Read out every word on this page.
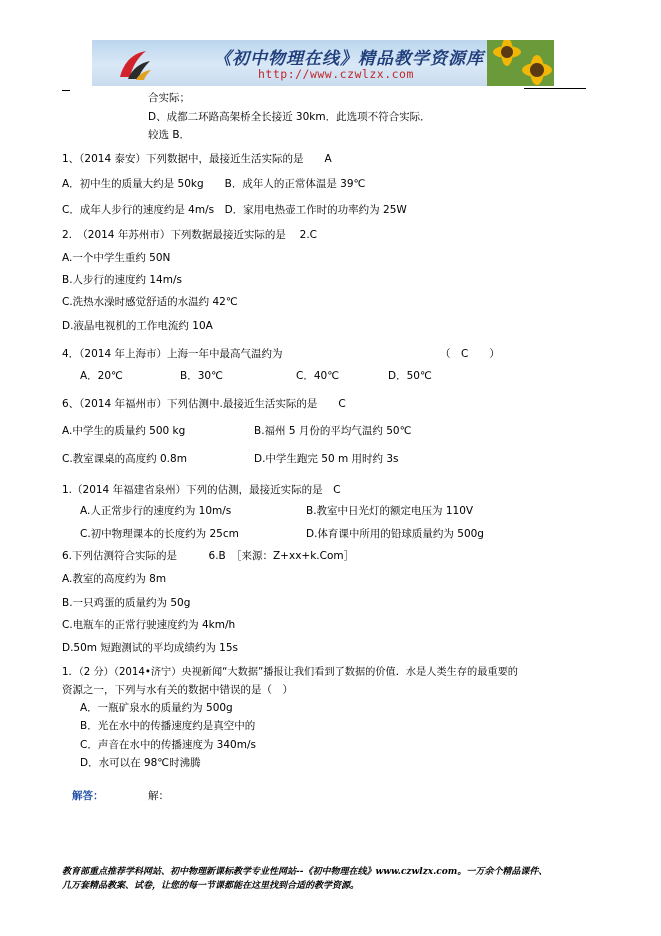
《初中物理在线》精品教学资源库
http://www.czwlzx.com
合实际；
D、成都二环路高架桥全长接近 30km．此选项不符合实际．
较选 B．
1、（2014 泰安）下列数据中，最接近生活实际的是　　A
A．初中生的质量大约是 50kg　　B．成年人的正常体温是 39℃
C．成年人步行的速度约是 4m/s　D．家用电热壶工作时的功率约为 25W
2.　（2014 年苏州市）下列数据最接近实际的是　 2.C
A.一个中学生重约 50N
B.人步行的速度约 14m/s
C.洗热水澡时感觉舒适的水温约 42℃
D.液晶电视机的工作电流约 10A
4．（2014 年上海市）上海一年中最高气温约为	（　C　　）
A．20℃	B．30℃	C．40℃	D．50℃
6、（2014 年福州市）下列估测中.最接近生活实际的是　　C
A.中学生的质量约 500 kg	B.福州 5 月份的平均气温约 50℃
C.教室课桌的高度约 0.8m	D.中学生跑完 50 m 用时约 3s
1.（2014 年福建省泉州）下列的估测，最接近实际的是　C
A.人正常步行的速度约为 10m/s	B.教室中日光灯的额定电压为 110V
C.初中物理课本的长度约为 25cm	D.体育课中所用的铅球质量约为 500g
6.下列估测符合实际的是　　　6.B　［来源：Z+xx+k.Com］
A.教室的高度约为 8m
B.一只鸡蛋的质量约为 50g
C.电瓶车的正常行驶速度约为 4km/h
D.50m 短跑测试的平均成绩约为 15s
1．（2 分）（2014•济宁）央视新闻“大数据”播报让我们看到了数据的价值．水是人类生存的最重要的
资源之一，下列与水有关的数据中错误的是（　）
A．一瓶矿泉水的质量约为 500g
B．光在水中的传播速度约是真空中的
C．声音在水中的传播速度为 340m/s
D．水可以在 98℃时沸腾
解答：	解：
教育部重点推荐学科网站、初中物理新课标教学专业性网站--《初中物理在线》www.czwlzx.com。一万余个精品课件、
几万套精品教案、试卷，让您的每一节课都能在这里找到合适的教学资源。
